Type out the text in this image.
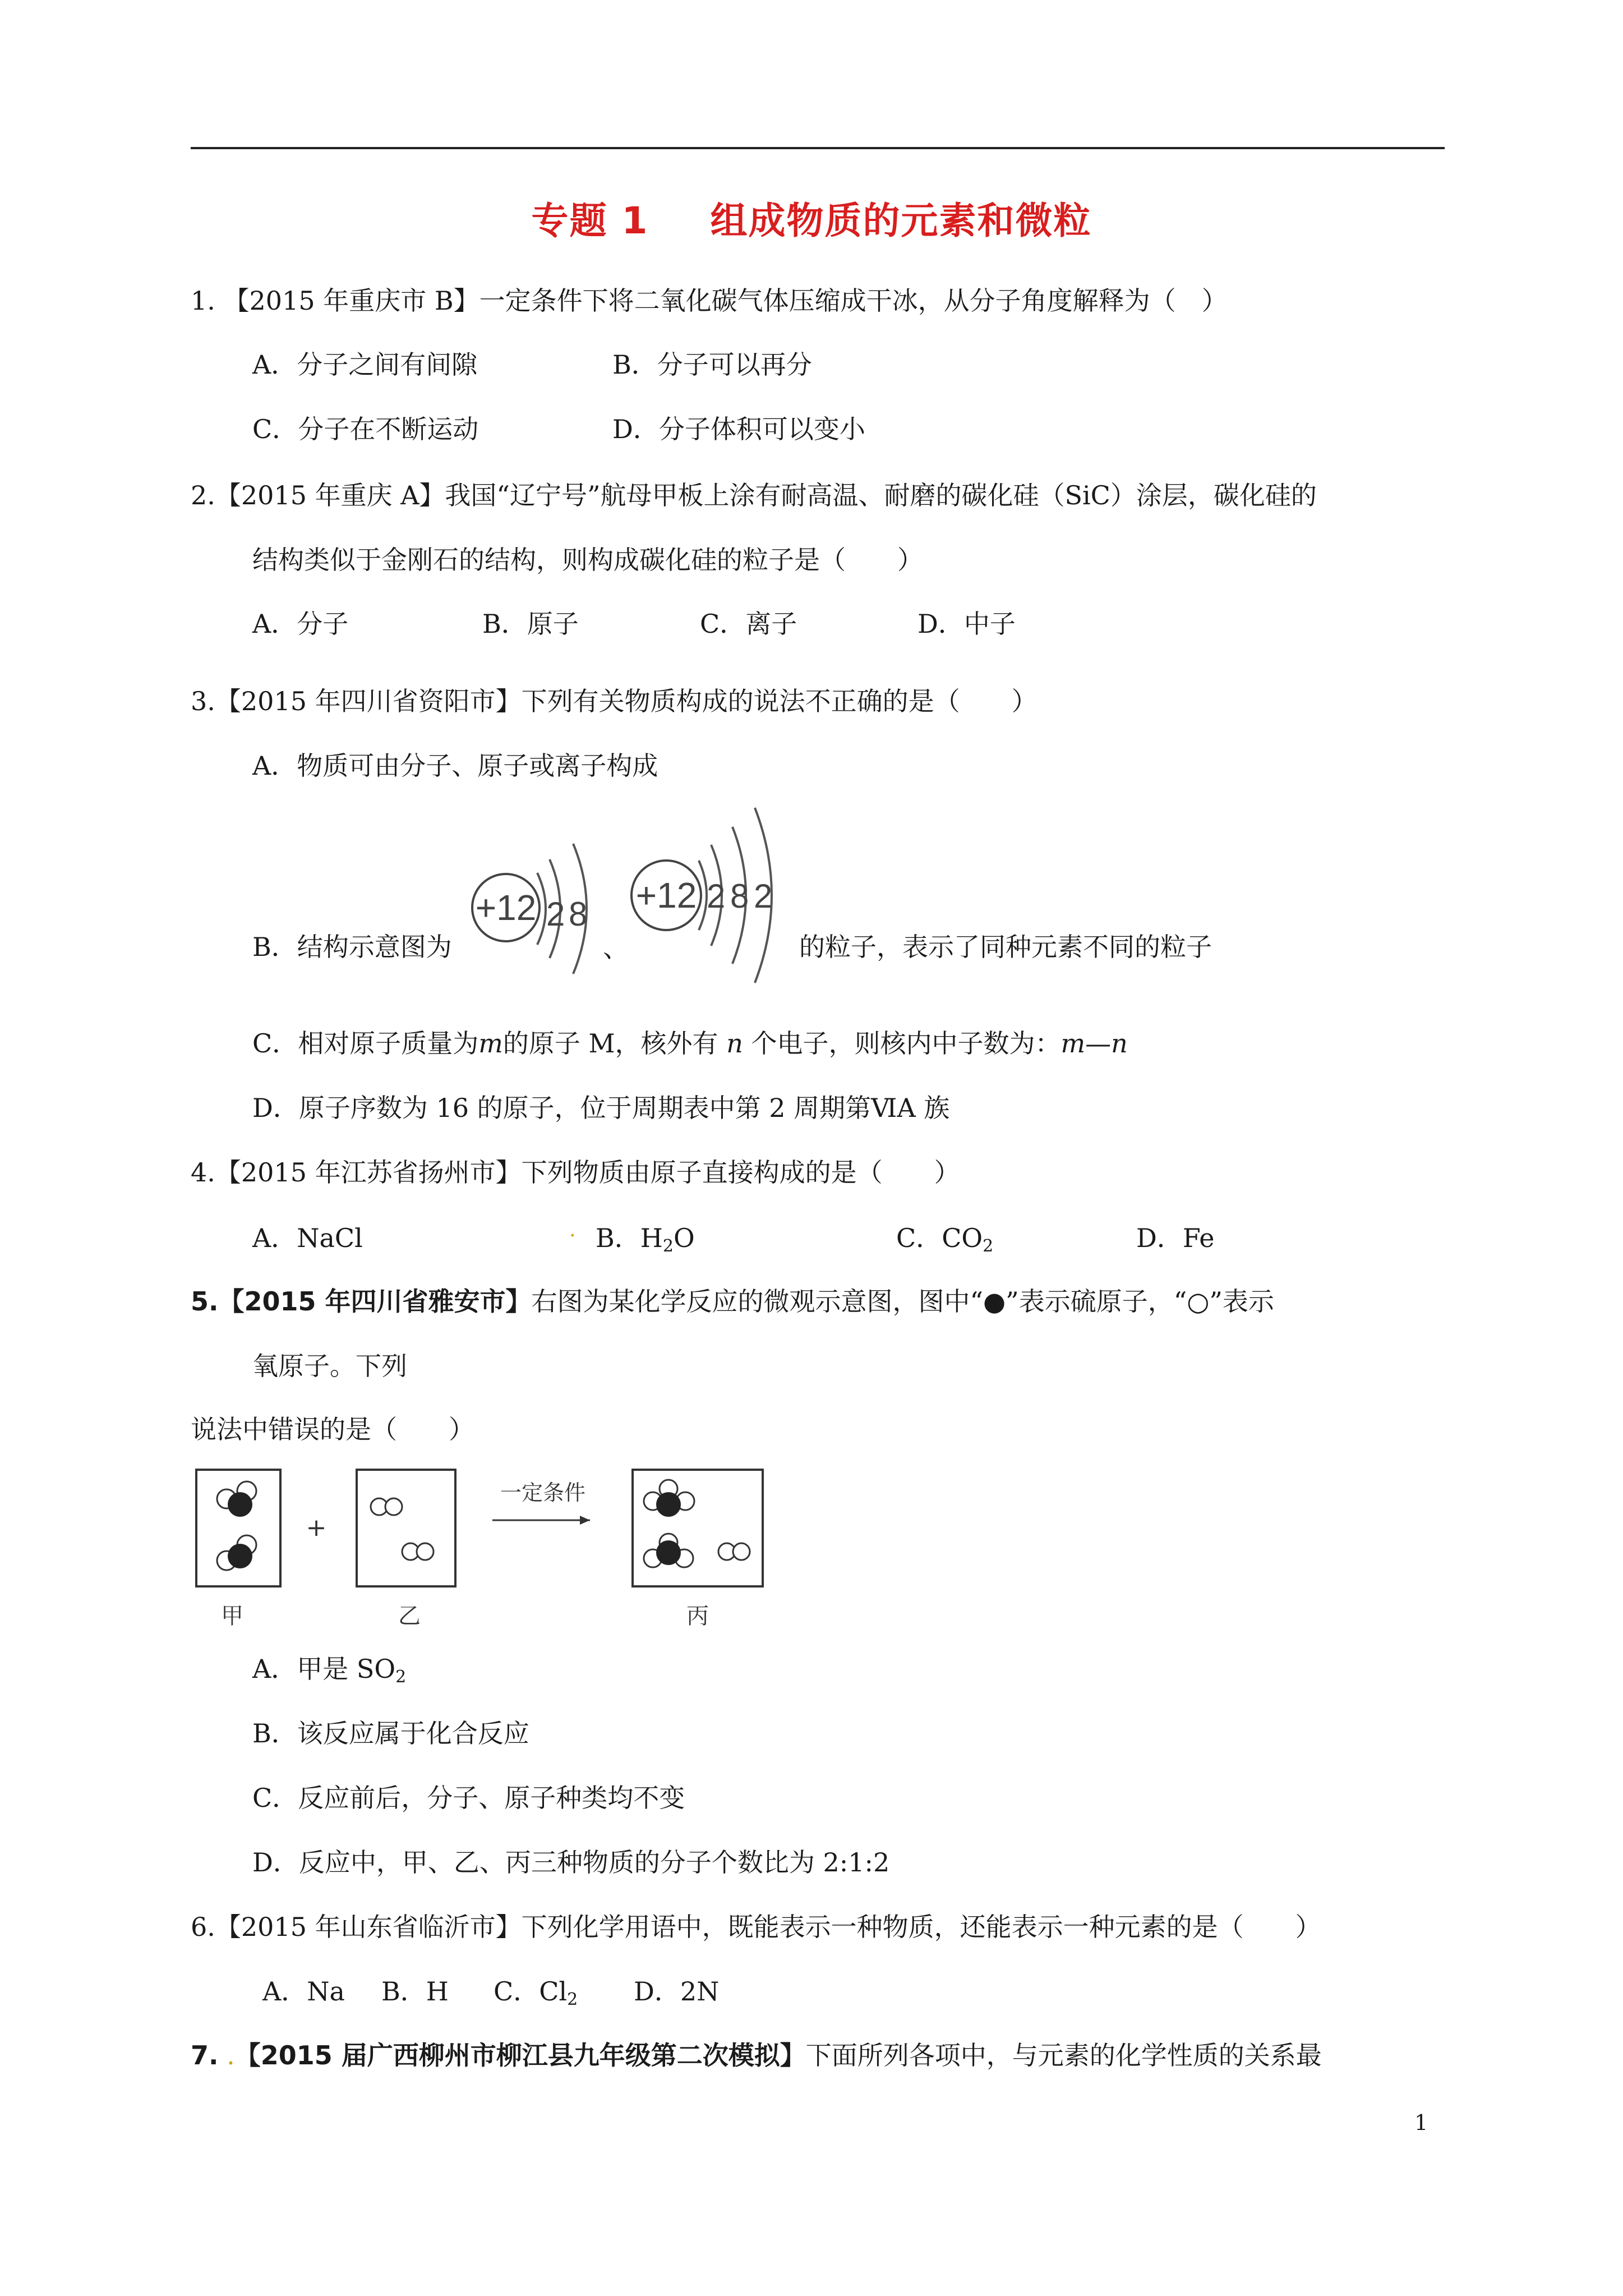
专题 1 组成物质的元素和微粒
1. 【2015 年重庆市 B】一定条件下将二氧化碳气体压缩成干冰，从分子角度解释为（　）
A．分子之间有间隙	B．分子可以再分
C．分子在不断运动	D．分子体积可以变小
2.【2015 年重庆 A】我国“辽宁号”航母甲板上涂有耐高温、耐磨的碳化硅（SiC）涂层，碳化硅的
结构类似于金刚石的结构，则构成碳化硅的粒子是（　　）
A．分子	B．原子	C．离子	D．中子
3.【2015 年四川省资阳市】下列有关物质构成的说法不正确的是（　　）
A．物质可由分子、原子或离子构成
B．结构示意图为	、	的粒子，表示了同种元素不同的粒子
+12 2 8 +12 2 8 2
C．相对原子质量为m的原子 M，核外有 n 个电子，则核内中子数为：m—n
D．原子序数为 16 的原子，位于周期表中第 2 周期第ⅥA 族
4.【2015 年江苏省扬州市】下列物质由原子直接构成的是（　　）
A．NaCl	. B．$H_2O$	C．$CO_2$	D．Fe
5.【2015 年四川省雅安市】右图为某化学反应的微观示意图，图中“●”表示硫原子，“○”表示
氧原子。下列
说法中错误的是（　　）
+
一定条件
甲	乙	丙
A．甲是 $SO_2$
B．该反应属于化合反应
C．反应前后，分子、原子种类均不变
D．反应中，甲、乙、丙三种物质的分子个数比为 2:1:2
6.【2015 年山东省临沂市】下列化学用语中，既能表示一种物质，还能表示一种元素的是（　　）
A．Na B．H C．$Cl_2$ D．2N
7. .【2015 届广西柳州市柳江县九年级第二次模拟】下面所列各项中，与元素的化学性质的关系最
1
